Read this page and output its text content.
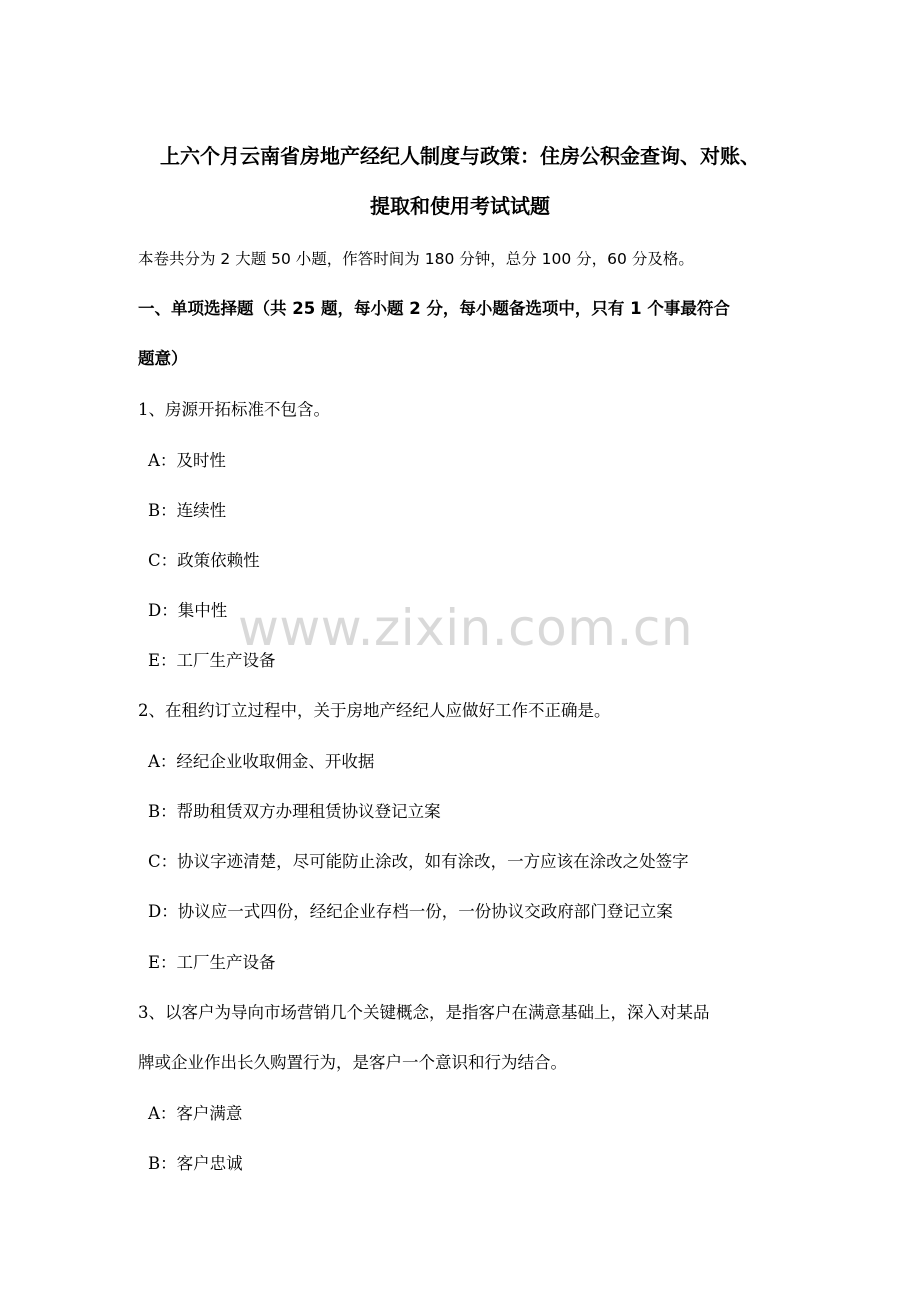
上六个月云南省房地产经纪人制度与政策：住房公积金查询、对账、
提取和使用考试试题
本卷共分为 2 大题 50 小题，作答时间为 180 分钟，总分 100 分，60 分及格。
一、单项选择题（共 25 题，每小题 2 分，每小题备选项中，只有 1 个事最符合
题意）
1、房源开拓标准不包含。
A：及时性
B：连续性
C：政策依赖性
D：集中性
E：工厂生产设备
2、在租约订立过程中，关于房地产经纪人应做好工作不正确是。
A：经纪企业收取佣金、开收据
B：帮助租赁双方办理租赁协议登记立案
C：协议字迹清楚，尽可能防止涂改，如有涂改，一方应该在涂改之处签字
D：协议应一式四份，经纪企业存档一份，一份协议交政府部门登记立案
E：工厂生产设备
3、以客户为导向市场营销几个关键概念，是指客户在满意基础上，深入对某品
牌或企业作出长久购置行为，是客户一个意识和行为结合。
A：客户满意
B：客户忠诚
www.zixin.com.cn
